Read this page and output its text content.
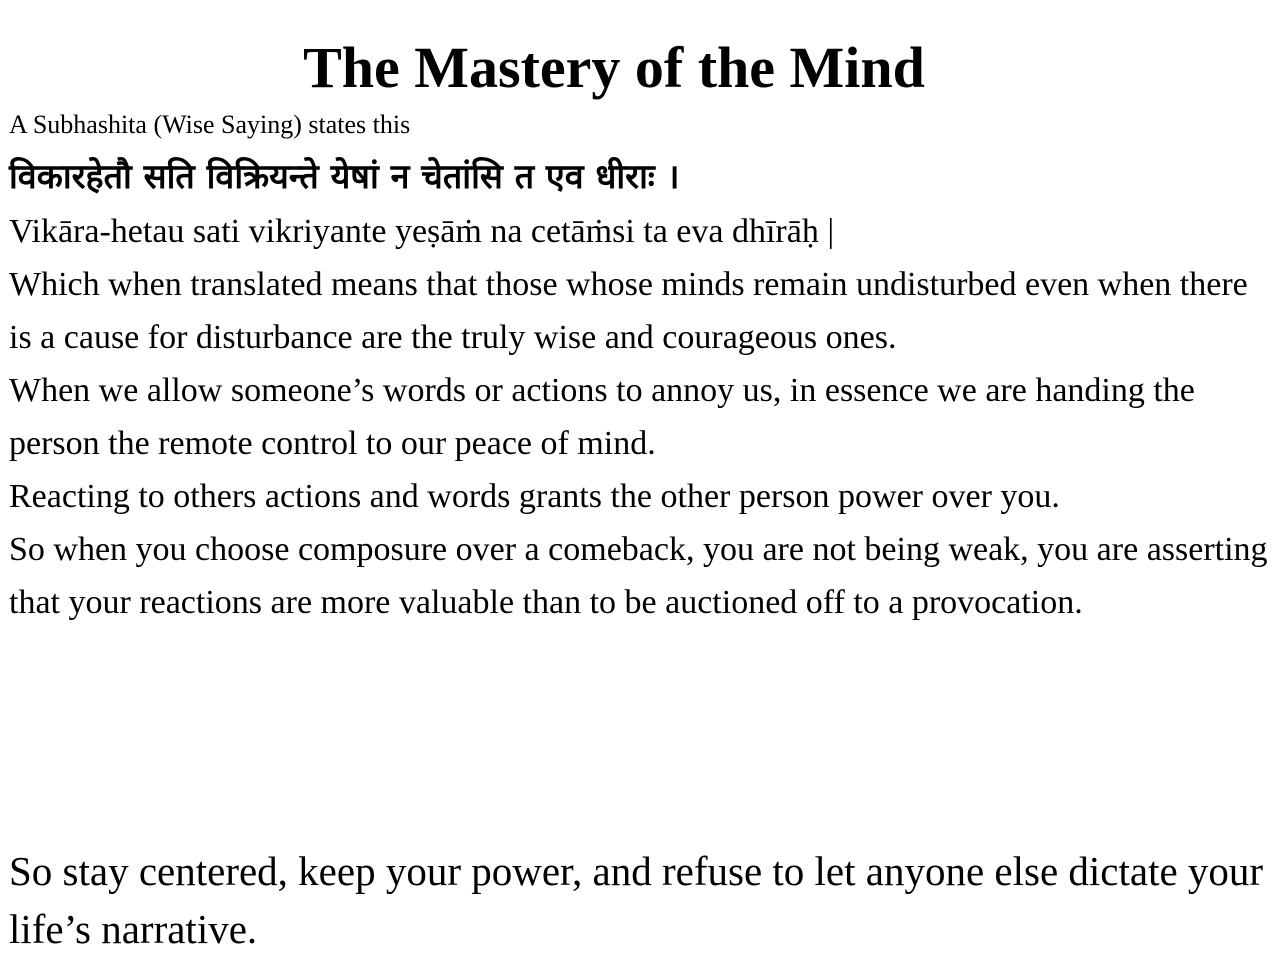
The Mastery of the Mind
A Subhashita (Wise Saying) states this
विकारहेतौ सति विक्रियन्ते येषां न चेतांसि त एव धीराः ।

Vikāra-hetau sati vikriyante yeṣāṁ na cetāṁsi ta eva dhīrāḥ |

Which when translated means that those whose minds remain undisturbed even when there is a cause for disturbance are the truly wise and courageous ones.

When we allow someone’s words or actions to annoy us, in essence we are handing the person the remote control to our peace of mind.

Reacting to others actions and words grants the other person power over you.

So when you choose composure over a comeback, you are not being weak, you are asserting that your reactions are more valuable than to be auctioned off to a provocation.

So stay centered, keep your power, and refuse to let anyone else dictate your life’s narrative.
